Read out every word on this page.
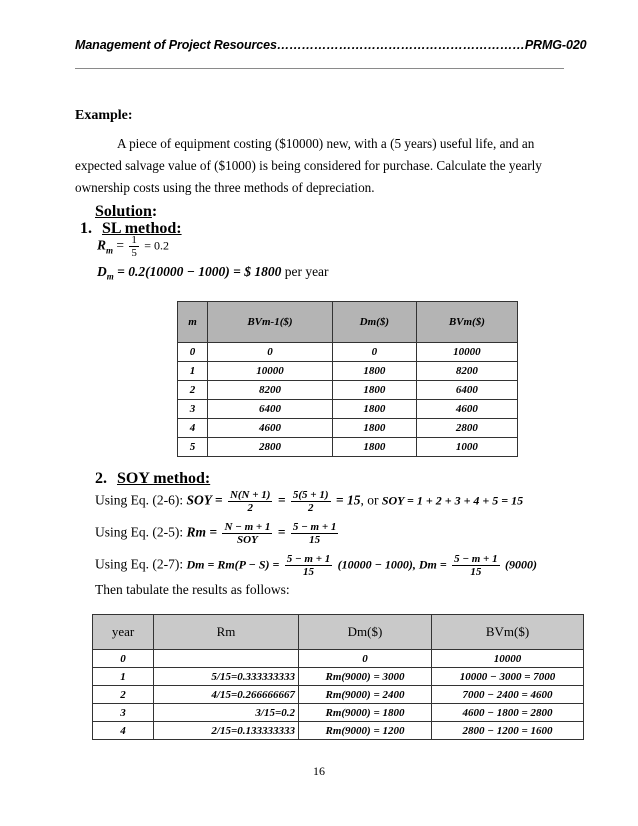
Management of Project Resources……………………………………………………PRMG-020
Example:
A piece of equipment costing ($10000) new, with a (5 years) useful life, and an expected salvage value of ($1000) is being considered for purchase. Calculate the yearly ownership costs using the three methods of depreciation.
Solution:
1. SL method:
$R_m = \frac{1}{5} = 0.2$
$D_m = 0.2(10000 - 1000)$ = $ 1800 per year
m	BVm-1($)	Dm($)	BVm($)
0	0	0	10000
1	10000	1800	8200
2	8200	1800	6400
3	6400	1800	4600
4	4600	1800	2800
5	2800	1800	1000
2. SOY method:
Using Eq. (2-6): SOY = $\frac{N(N + 1)}{2} = \frac{5(5 + 1)}{2} = 15$, or SOY = 1 + 2 + 3 + 4 + 5 = 15
Using Eq. (2-5): $Rm = \frac{N - m + 1}{\text{SOY}} = \frac{5 - m + 1}{15}$
Using Eq. (2-7): $Dm = Rm(P - S) = \frac{5 - m + 1}{15} (10000 - 1000)$, $Dm = \frac{5 - m + 1}{15} (9000)$
Then tabulate the results as follows:
year	Rm	Dm($)	BVm($)
0		0	10000
1	5/15=0.333333333	Rm(9000) = 3000	10000 − 3000 = 7000
2	4/15=0.266666667	Rm(9000) = 2400	7000 − 2400 = 4600
3	3/15=0.2	Rm(9000) = 1800	4600 − 1800 = 2800
4	2/15=0.133333333	Rm(9000) = 1200	2800 − 1200 = 1600
16
